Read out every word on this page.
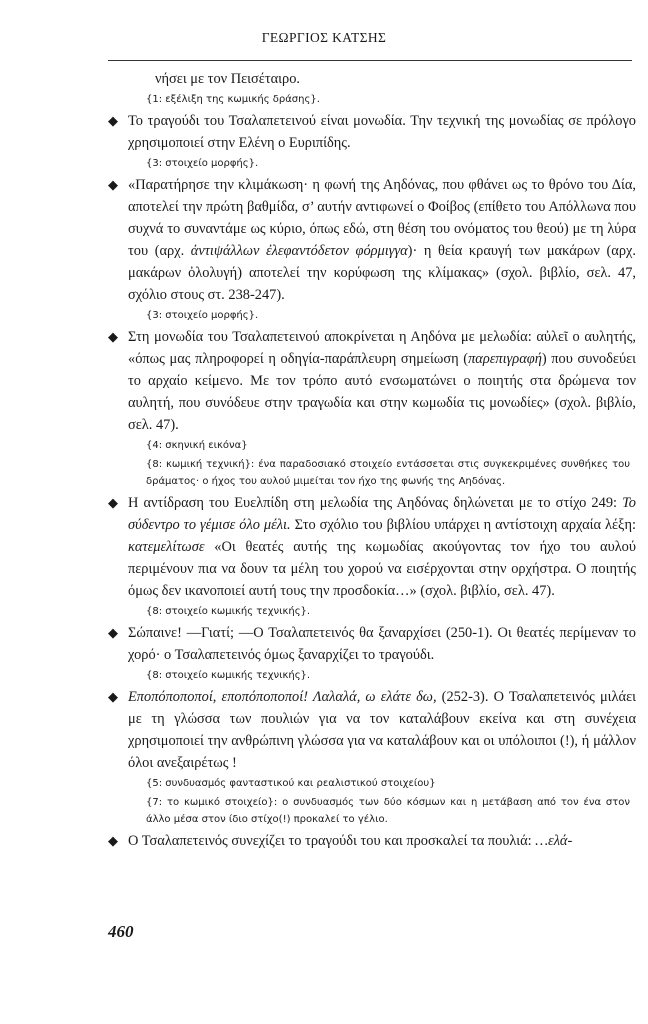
ΓΕΩΡΓΙΟΣ ΚΑΤΣΗΣ
νήσει με τον Πεισέταιρο.
{1: εξέλιξη της κωμικής δράσης}.
◆ Το τραγούδι του Τσαλαπετεινού είναι μονωδία. Την τεχνική της μονωδίας σε πρόλογο χρησιμοποιεί στην Ελένη ο Ευριπίδης.
{3: στοιχείο μορφής}.
◆ «Παρατήρησε την κλιμάκωση· η φωνή της Αηδόνας, που φθάνει ως το θρόνο του Δία, αποτελεί την πρώτη βαθμίδα, σ’ αυτήν αντιφωνεί ο Φοίβος (επίθετο του Απόλλωνα που συχνά το συναντάμε ως κύριο, όπως εδώ, στη θέση του ονόματος του θεού) με τη λύρα του (αρχ. ἀντιψάλλων ἐλεφαντόδετον φόρμιγγα)· η θεία κραυγή των μακάρων (αρχ. μακάρων ὀλολυγή) αποτελεί την κορύφωση της κλίμακας» (σχολ. βιβλίο, σελ. 47, σχόλιο στους στ. 238-247).
{3: στοιχείο μορφής}.
◆ Στη μονωδία του Τσαλαπετεινού αποκρίνεται η Αηδόνα με μελωδία: αὐλεῖ ο αυλητής, «όπως μας πληροφορεί η οδηγία-παράπλευρη σημείωση (παρεπιγραφή) που συνοδεύει το αρχαίο κείμενο. Με τον τρόπο αυτό ενσωματώνει ο ποιητής στα δρώμενα τον αυλητή, που συνόδευε στην τραγωδία και στην κωμωδία τις μονωδίες» (σχολ. βιβλίο, σελ. 47).
{4: σκηνική εικόνα}
{8: κωμική τεχνική}: ένα παραδοσιακό στοιχείο εντάσσεται στις συγκεκριμένες συνθήκες του δράματος· ο ήχος του αυλού μιμείται τον ήχο της φωνής της Αηδόνας.
◆ Η αντίδραση του Ευελπίδη στη μελωδία της Αηδόνας δηλώνεται με το στίχο 249: Το σύδεντρο το γέμισε όλο μέλι. Στο σχόλιο του βιβλίου υπάρχει η αντίστοιχη αρχαία λέξη: κατεμελίτωσε «Οι θεατές αυτής της κωμωδίας ακούγοντας τον ήχο του αυλού περιμένουν πια να δουν τα μέλη του χορού να εισέρχονται στην ορχήστρα. Ο ποιητής όμως δεν ικανοποιεί αυτή τους την προσδοκία…» (σχολ. βιβλίο, σελ. 47).
{8: στοιχείο κωμικής τεχνικής}.
◆ Σώπαινε! —Γιατί; —Ο Τσαλαπετεινός θα ξαναρχίσει (250-1). Οι θεατές περίμεναν το χορό· ο Τσαλαπετεινός όμως ξαναρχίζει το τραγούδι.
{8: στοιχείο κωμικής τεχνικής}.
◆ Εποπόποποποί, εποπόποποποί! Λαλαλά, ω ελάτε δω, (252-3). Ο Τσαλαπετεινός μιλάει με τη γλώσσα των πουλιών για να τον καταλάβουν εκείνα και στη συνέχεια χρησιμοποιεί την ανθρώπινη γλώσσα για να καταλάβουν και οι υπόλοιποι (!), ή μάλλον όλοι ανεξαιρέτως !
{5: συνδυασμός φανταστικού και ρεαλιστικού στοιχείου}
{7: το κωμικό στοιχείο}: ο συνδυασμός των δύο κόσμων και η μετάβαση από τον ένα στον άλλο μέσα στον ίδιο στίχο(!) προκαλεί το γέλιο.
◆ Ο Τσαλαπετεινός συνεχίζει το τραγούδι του και προσκαλεί τα πουλιά: …ελά-
460
